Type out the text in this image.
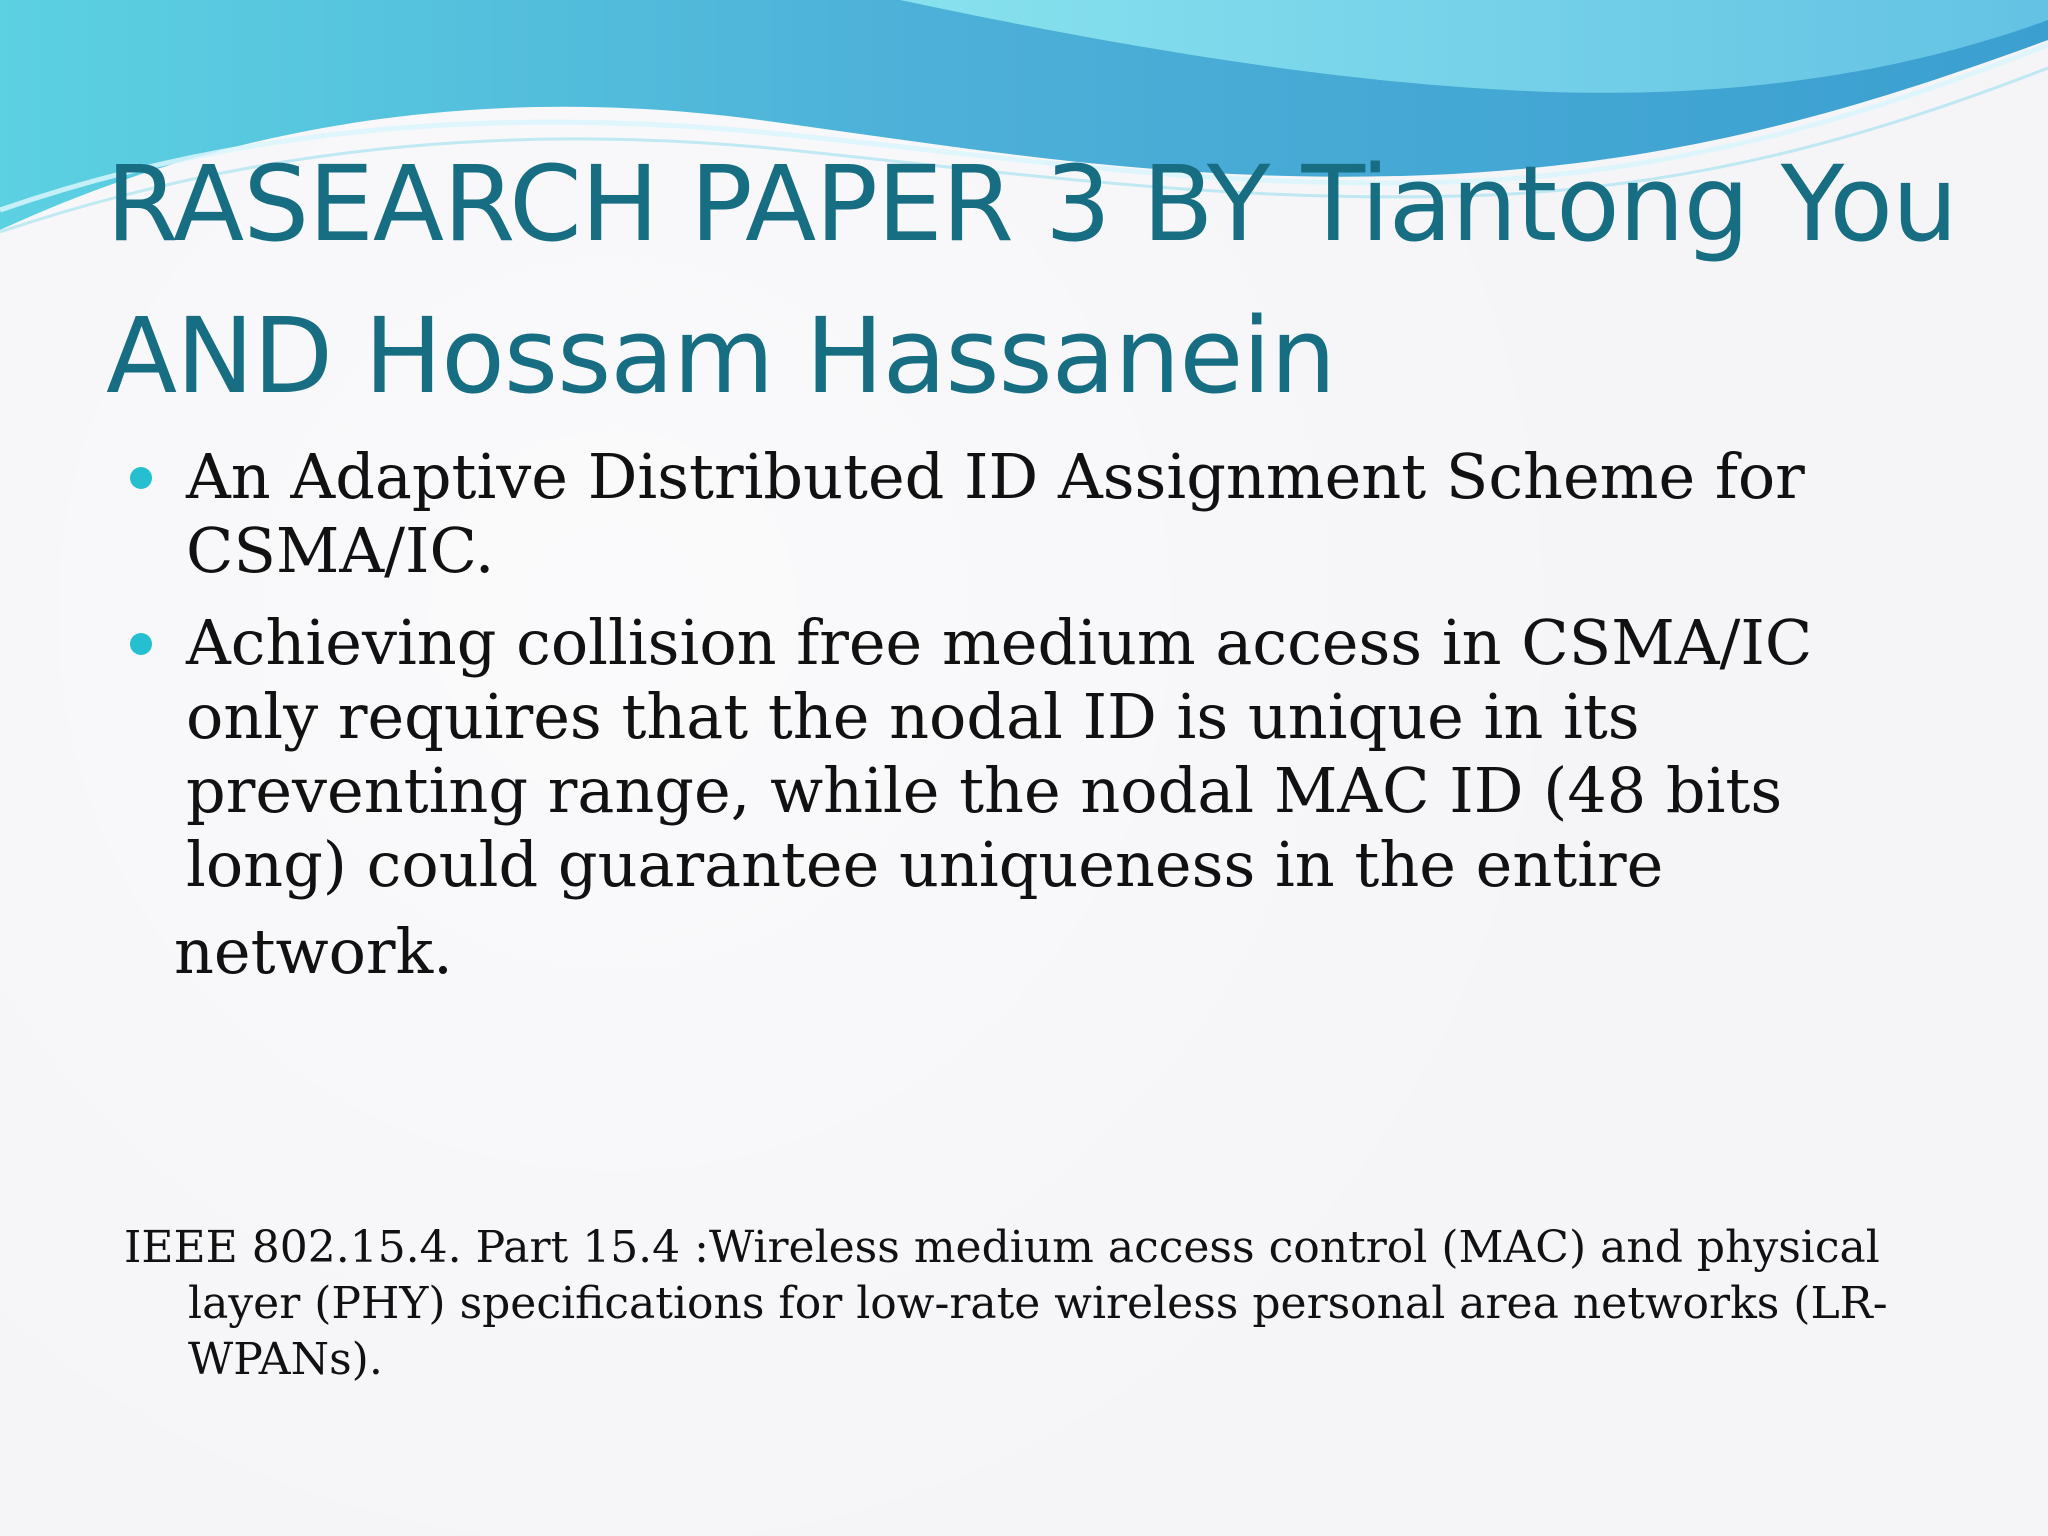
RASEARCH PAPER 3 BY Tiantong You AND Hossam Hassanein
An Adaptive Distributed ID Assignment Scheme for CSMA/IC.
Achieving collision free medium access in CSMA/IC only requires that the nodal ID is unique in its preventing range, while the nodal MAC ID (48 bits long) could guarantee uniqueness in the entire
network.
IEEE 802.15.4. Part 15.4 :Wireless medium access control (MAC) and physical layer (PHY) specifications for low-rate wireless personal area networks (LR-WPANs).
